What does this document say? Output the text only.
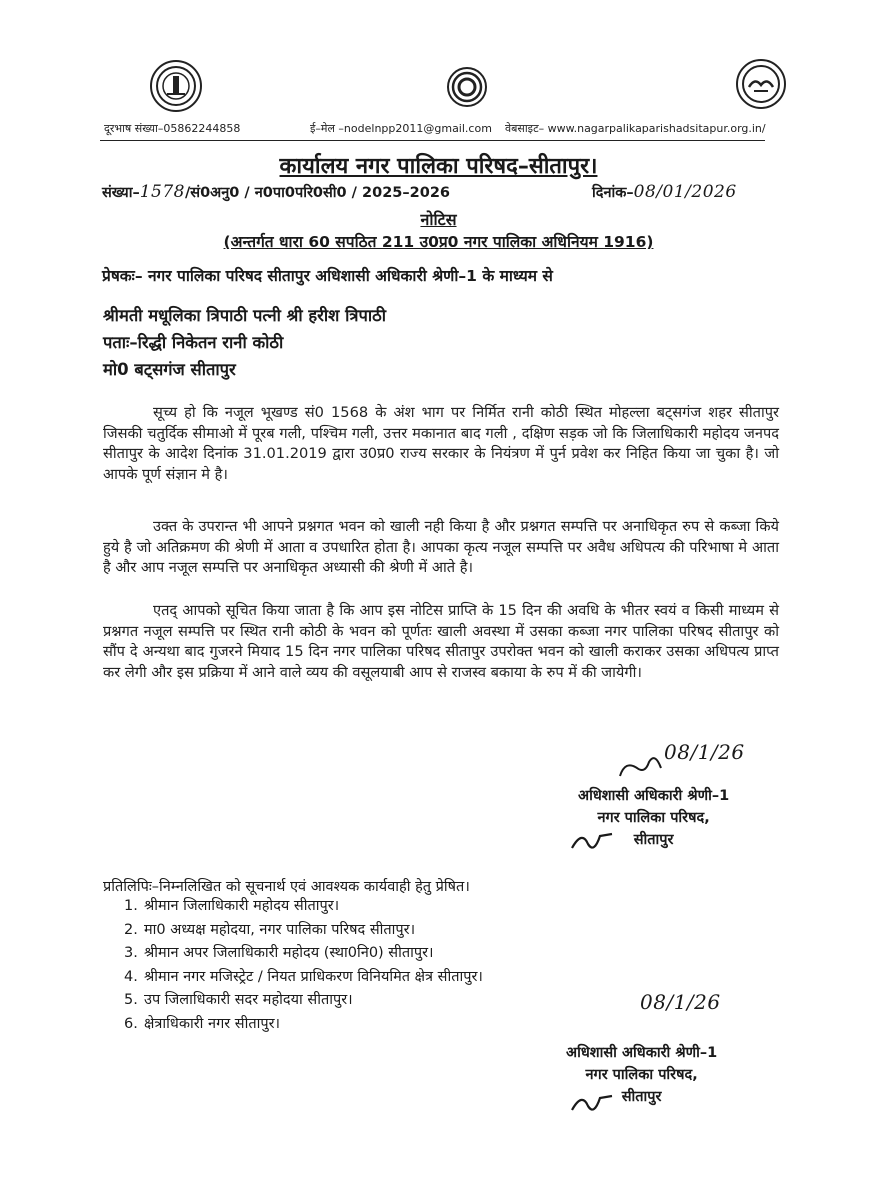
दूरभाष संख्या–05862244858	ई–मेल –nodelnpp2011@gmail.com वेबसाइट– www.nagarpalikaparishadsitapur.org.in/
कार्यालय नगर पालिका परिषद–सीतापुर।
संख्या–1578/सं0अनु0 / न0पा0परि0सी0 / 2025–2026	दिनांक–08/01/2026
नोटिस
(अन्तर्गत धारा 60 सपठित 211 उ0प्र0 नगर पालिका अधिनियम 1916)
प्रेषकः– नगर पालिका परिषद सीतापुर अधिशासी अधिकारी श्रेणी–1 के माध्यम से
श्रीमती मधूलिका त्रिपाठी पत्नी श्री हरीश त्रिपाठी
पताः–रिद्धी निकेतन रानी कोठी
मो0 बट्सगंज सीतापुर
सूच्य हो कि नजूल भूखण्ड सं0 1568 के अंश भाग पर निर्मित रानी कोठी स्थित मोहल्ला बट्सगंज शहर सीतापुर जिसकी चतुर्दिक सीमाओ में पूरब गली, पश्चिम गली, उत्तर मकानात बाद गली , दक्षिण सड़क जो कि जिलाधिकारी महोदय जनपद सीतापुर के आदेश दिनांक 31.01.2019 द्वारा उ0प्र0 राज्य सरकार के नियंत्रण में पुर्न प्रवेश कर निहित किया जा चुका है। जो आपके पूर्ण संज्ञान मे है।
उक्त के उपरान्त भी आपने प्रश्नगत भवन को खाली नही किया है और प्रश्नगत सम्पत्ति पर अनाधिकृत रुप से कब्जा किये हुये है जो अतिक्रमण की श्रेणी में आता व उपधारित होता है। आपका कृत्य नजूल सम्पत्ति पर अवैध अधिपत्य की परिभाषा मे आता है और आप नजूल सम्पत्ति पर अनाधिकृत अध्यासी की श्रेणी में आते है।
एतद् आपको सूचित किया जाता है कि आप इस नोटिस प्राप्ति के 15 दिन की अवधि के भीतर स्वयं व किसी माध्यम से प्रश्नगत नजूल सम्पत्ति पर स्थित रानी कोठी के भवन को पूर्णतः खाली अवस्था में उसका कब्जा नगर पालिका परिषद सीतापुर को सौंप दे अन्यथा बाद गुजरने मियाद 15 दिन नगर पालिका परिषद सीतापुर उपरोक्त भवन को खाली कराकर उसका अधिपत्य प्राप्त कर लेगी और इस प्रक्रिया में आने वाले व्यय की वसूलयाबी आप से राजस्व बकाया के रुप में की जायेगी।
08/1/26
अधिशासी अधिकारी श्रेणी–1
नगर पालिका परिषद,
सीतापुर
प्रतिलिपिः–निम्नलिखित को सूचनार्थ एवं आवश्यक कार्यवाही हेतु प्रेषित।
1. श्रीमान जिलाधिकारी महोदय सीतापुर।
2. मा0 अध्यक्ष महोदया, नगर पालिका परिषद सीतापुर।
3. श्रीमान अपर जिलाधिकारी महोदय (स्था0नि0) सीतापुर।
4. श्रीमान नगर मजिस्ट्रेट / नियत प्राधिकरण विनियमित क्षेत्र सीतापुर।
5. उप जिलाधिकारी सदर महोदया सीतापुर।
6. क्षेत्राधिकारी नगर सीतापुर।
08/1/26
अधिशासी अधिकारी श्रेणी–1
नगर पालिका परिषद,
सीतापुर
